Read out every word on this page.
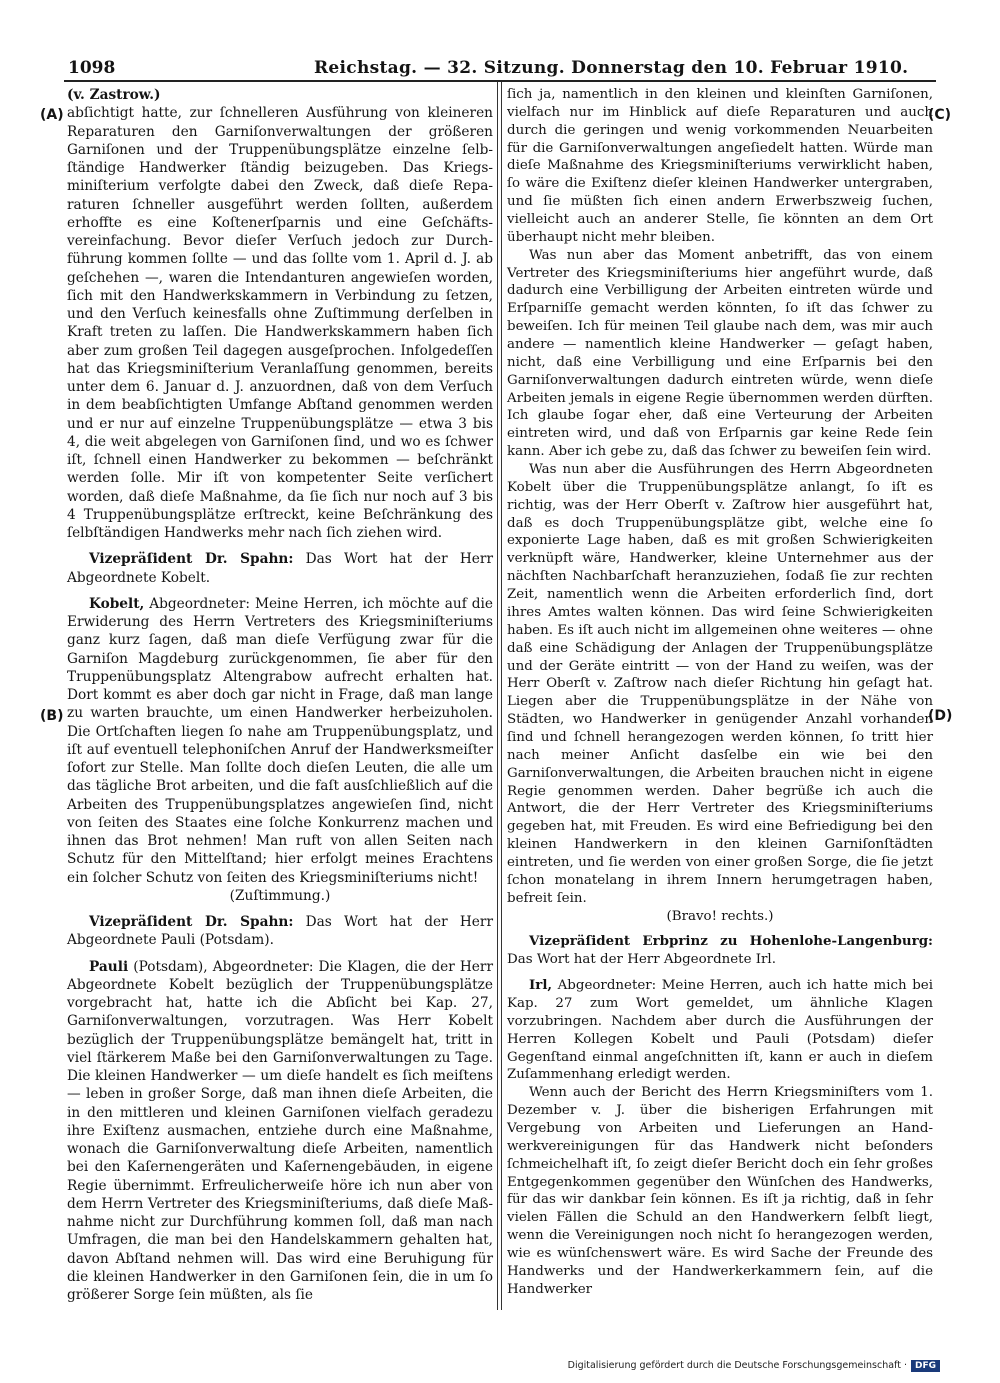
1098	Reichstag. — 32. Sitzung. Donnerstag den 10. Februar 1910.
(A)
(B)
(C)
(D)

(v. Zastrow.)

abſichtigt hatte, zur ſchnelleren Ausführung von kleineren Reparaturen den Garniſonverwaltungen der größeren Garniſonen und der Truppenübungsplätze einzelne ſelbſtändige Handwerker ſtändig beizugeben. Das Kriegsminiſterium verfolgte dabei den Zweck, daß dieſe Reparaturen ſchneller ausgeführt werden ſollten, außerdem erhoffte es eine Koſtenerſparnis und eine Geſchäftsvereinfachung. Bevor dieſer Verſuch jedoch zur Durchführung kommen ſollte — und das ſollte vom 1. April d. J. ab geſchehen —, waren die Intendanturen angewieſen worden, ſich mit den Handwerkskammern in Verbindung zu ſetzen, und den Verſuch keinesfalls ohne Zuſtimmung derſelben in Kraft treten zu laſſen. Die Handwerkskammern haben ſich aber zum großen Teil dagegen ausgeſprochen. Infolgedeſſen hat das Kriegsminiſterium Veranlaſſung genommen, bereits unter dem 6. Januar d. J. anzuordnen, daß von dem Verſuch in dem beabſichtigten Umfange Abſtand genommen werden und er nur auf einzelne Truppenübungsplätze — etwa 3 bis 4, die weit abgelegen von Garniſonen ſind, und wo es ſchwer iſt, ſchnell einen Handwerker zu bekommen — beſchränkt werden ſolle. Mir iſt von kompetenter Seite verſichert worden, daß dieſe Maßnahme, da ſie ſich nur noch auf 3 bis 4 Truppenübungsplätze erſtreckt, keine Beſchränkung des ſelbſtändigen Handwerks mehr nach ſich ziehen wird.

Vizepräſident Dr. Spahn: Das Wort hat der Herr Abgeordnete Kobelt.

Kobelt, Abgeordneter: Meine Herren, ich möchte auf die Erwiderung des Herrn Vertreters des Kriegsminiſteriums ganz kurz ſagen, daß man dieſe Verfügung zwar für die Garniſon Magdeburg zurückgenommen, ſie aber für den Truppenübungsplatz Altengrabow aufrecht erhalten hat. Dort kommt es aber doch gar nicht in Frage, daß man lange zu warten brauchte, um einen Handwerker herbeizuholen. Die Ortſchaften liegen ſo nahe am Truppenübungsplatz, und iſt auf eventuell telephoniſchen Anruf der Handwerksmeiſter ſofort zur Stelle. Man ſollte doch dieſen Leuten, die alle um das tägliche Brot arbeiten, und die faſt ausſchließlich auf die Arbeiten des Truppenübungsplatzes angewieſen ſind, nicht von ſeiten des Staates eine ſolche Konkurrenz machen und ihnen das Brot nehmen! Man ruft von allen Seiten nach Schutz für den Mittelſtand; hier erfolgt meines Erachtens ein ſolcher Schutz von ſeiten des Kriegsminiſteriums nicht!

(Zuſtimmung.)

Vizepräſident Dr. Spahn: Das Wort hat der Herr Abgeordnete Pauli (Potsdam).

Pauli (Potsdam), Abgeordneter: Die Klagen, die der Herr Abgeordnete Kobelt bezüglich der Truppenübungsplätze vorgebracht hat, hatte ich die Abſicht bei Kap. 27, Garniſonverwaltungen, vorzutragen. Was Herr Kobelt bezüglich der Truppenübungsplätze bemängelt hat, tritt in viel ſtärkerem Maße bei den Garniſonverwaltungen zu Tage. Die kleinen Handwerker — um dieſe handelt es ſich meiſtens — leben in großer Sorge, daß man ihnen dieſe Arbeiten, die in den mittleren und kleinen Garniſonen vielfach geradezu ihre Exiſtenz ausmachen, entziehe durch eine Maßnahme, wonach die Garniſonverwaltung dieſe Arbeiten, namentlich bei den Kaſernengeräten und Kaſernengebäuden, in eigene Regie übernimmt. Erfreulicherweiſe höre ich nun aber von dem Herrn Vertreter des Kriegsminiſteriums, daß dieſe Maßnahme nicht zur Durchführung kommen ſoll, daß man nach Umfragen, die man bei den Handelskammern gehalten hat, davon Abſtand nehmen will. Das wird eine Beruhigung für die kleinen Handwerker in den Garniſonen ſein, die in um ſo größerer Sorge ſein müßten, als ſie

ſich ja, namentlich in den kleinen und kleinſten Garniſonen, vielfach nur im Hinblick auf dieſe Reparaturen und auch durch die geringen und wenig vorkommenden Neuarbeiten für die Garniſonverwaltungen angeſiedelt hatten. Würde man dieſe Maßnahme des Kriegsminiſteriums verwirklicht haben, ſo wäre die Exiſtenz dieſer kleinen Handwerker untergraben, und ſie müßten ſich einen andern Erwerbszweig ſuchen, vielleicht auch an anderer Stelle, ſie könnten an dem Ort überhaupt nicht mehr bleiben.

Was nun aber das Moment anbetrifft, das von einem Vertreter des Kriegsminiſteriums hier angeführt wurde, daß dadurch eine Verbilligung der Arbeiten eintreten würde und Erſparniſſe gemacht werden könnten, ſo iſt das ſchwer zu beweiſen. Ich für meinen Teil glaube nach dem, was mir auch andere — namentlich kleine Handwerker — geſagt haben, nicht, daß eine Verbilligung und eine Erſparnis bei den Garniſonverwaltungen dadurch eintreten würde, wenn dieſe Arbeiten jemals in eigene Regie übernommen werden dürften. Ich glaube ſogar eher, daß eine Verteurung der Arbeiten eintreten wird, und daß von Erſparnis gar keine Rede ſein kann. Aber ich gebe zu, daß das ſchwer zu beweiſen ſein wird.

Was nun aber die Ausführungen des Herrn Abgeordneten Kobelt über die Truppenübungsplätze anlangt, ſo iſt es richtig, was der Herr Oberſt v. Zaſtrow hier ausgeführt hat, daß es doch Truppenübungsplätze gibt, welche eine ſo exponierte Lage haben, daß es mit großen Schwierigkeiten verknüpft wäre, Handwerker, kleine Unternehmer aus der nächſten Nachbarſchaft heranzuziehen, ſodaß ſie zur rechten Zeit, namentlich wenn die Arbeiten erforderlich ſind, dort ihres Amtes walten können. Das wird ſeine Schwierigkeiten haben. Es iſt auch nicht im allgemeinen ohne weiteres — ohne daß eine Schädigung der Anlagen der Truppenübungsplätze und der Geräte eintritt — von der Hand zu weiſen, was der Herr Oberſt v. Zaſtrow nach dieſer Richtung hin geſagt hat. Liegen aber die Truppenübungsplätze in der Nähe von Städten, wo Handwerker in genügender Anzahl vorhanden ſind und ſchnell herangezogen werden können, ſo tritt hier nach meiner Anſicht dasſelbe ein wie bei den Garniſonverwaltungen, die Arbeiten brauchen nicht in eigene Regie genommen werden. Daher begrüße ich auch die Antwort, die der Herr Vertreter des Kriegsminiſteriums gegeben hat, mit Freuden. Es wird eine Befriedigung bei den kleinen Handwerkern in den kleinen Garniſonſtädten eintreten, und ſie werden von einer großen Sorge, die ſie jetzt ſchon monatelang in ihrem Innern herumgetragen haben, befreit ſein.

(Bravo! rechts.)

Vizepräſident Erbprinz zu Hohenlohe-Langenburg: Das Wort hat der Herr Abgeordnete Irl.

Irl, Abgeordneter: Meine Herren, auch ich hatte mich bei Kap. 27 zum Wort gemeldet, um ähnliche Klagen vorzubringen. Nachdem aber durch die Ausführungen der Herren Kollegen Kobelt und Pauli (Potsdam) dieſer Gegenſtand einmal angeſchnitten iſt, kann er auch in dieſem Zuſammenhang erledigt werden.

Wenn auch der Bericht des Herrn Kriegsminiſters vom 1. Dezember v. J. über die bisherigen Erfahrungen mit Vergebung von Arbeiten und Lieferungen an Handwerkvereinigungen für das Handwerk nicht beſonders ſchmeichelhaft iſt, ſo zeigt dieſer Bericht doch ein ſehr großes Entgegenkommen gegenüber den Wünſchen des Handwerks, für das wir dankbar ſein können. Es iſt ja richtig, daß in ſehr vielen Fällen die Schuld an den Handwerkern ſelbſt liegt, wenn die Vereinigungen noch nicht ſo herangezogen werden, wie es wünſchenswert wäre. Es wird Sache der Freunde des Handwerks und der Handwerkerkammern ſein, auf die Handwerker

Digitalisierung gefördert durch die Deutsche Forschungsgemeinschaft · DFG
